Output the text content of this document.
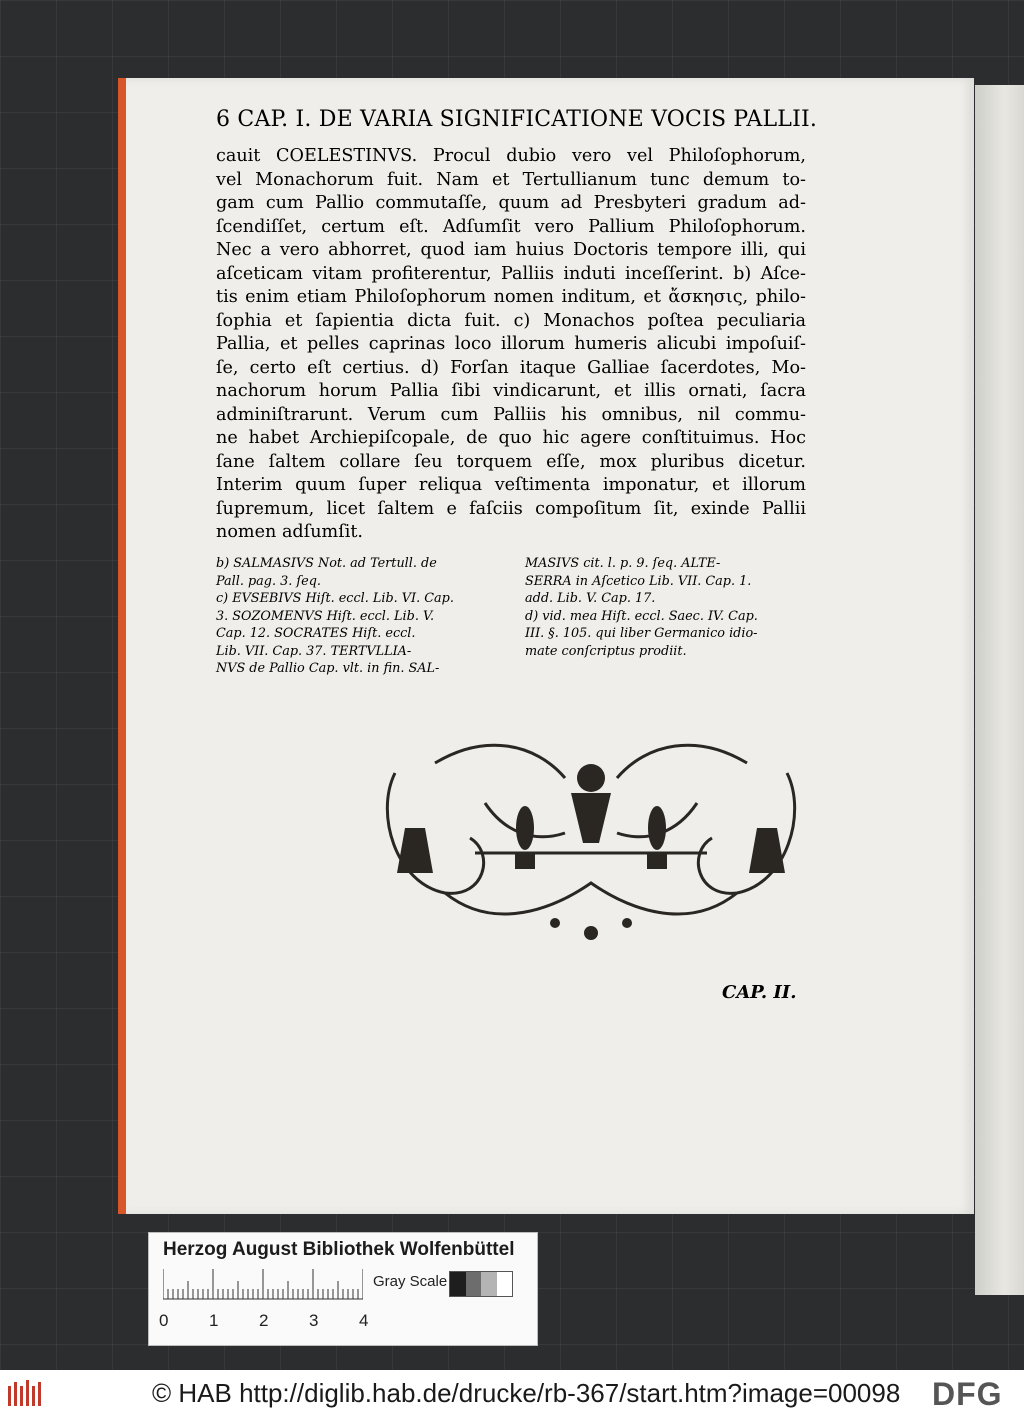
6 CAP. I. DE VARIA SIGNIFICATIONE VOCIS PALLII.
cauit COELESTINVS. Procul dubio vero vel Philoſophorum,
vel Monachorum fuit. Nam et Tertullianum tunc demum to-
gam cum Pallio commutaſſe, quum ad Presbyteri gradum ad-
ſcendiſſet, certum eſt. Adſumſit vero Pallium Philoſophorum.
Nec a vero abhorret, quod iam huius Doctoris tempore illi, qui
aſceticam vitam profiterentur, Palliis induti inceſſerint. b) Aſce-
tis enim etiam Philoſophorum nomen inditum, et ἄσκησις, philo-
ſophia et ſapientia dicta fuit. c) Monachos poſtea peculiaria
Pallia, et pelles caprinas loco illorum humeris alicubi impoſuiſ-
ſe, certo eſt certius. d) Forſan itaque Galliae ſacerdotes, Mo-
nachorum horum Pallia ſibi vindicarunt, et illis ornati, ſacra
adminiſtrarunt. Verum cum Palliis his omnibus, nil commu-
ne habet Archiepiſcopale, de quo hic agere conſtituimus. Hoc
ſane ſaltem collare ſeu torquem eſſe, mox pluribus dicetur.
Interim quum ſuper reliqua veſtimenta imponatur, et illorum
ſupremum, licet ſaltem e faſciis compoſitum ſit, exinde Pallii
nomen adſumſit.
b) SALMASIVS Not. ad Tertull. de
Pall. pag. 3. ſeq.
c) EVSEBIVS Hiſt. eccl. Lib. VI. Cap.
3. SOZOMENVS Hiſt. eccl. Lib. V.
Cap. 12. SOCRATES Hiſt. eccl.
Lib. VII. Cap. 37. TERTVLLIA-
NVS de Pallio Cap. vlt. in fin. SAL-
MASIVS cit. l. p. 9. ſeq. ALTE-
SERRA in Aſcetico Lib. VII. Cap. 1.
add. Lib. V. Cap. 17.
d) vid. mea Hiſt. eccl. Saec. IV. Cap.
III. §. 105. qui liber Germanico idio-
mate conſcriptus prodiit.
CAP. II.
Herzog August Bibliothek Wolfenbüttel
0 1 2 3 4
Gray Scale
© HAB http://diglib.hab.de/drucke/rb-367/start.htm?image=00098 DFG
